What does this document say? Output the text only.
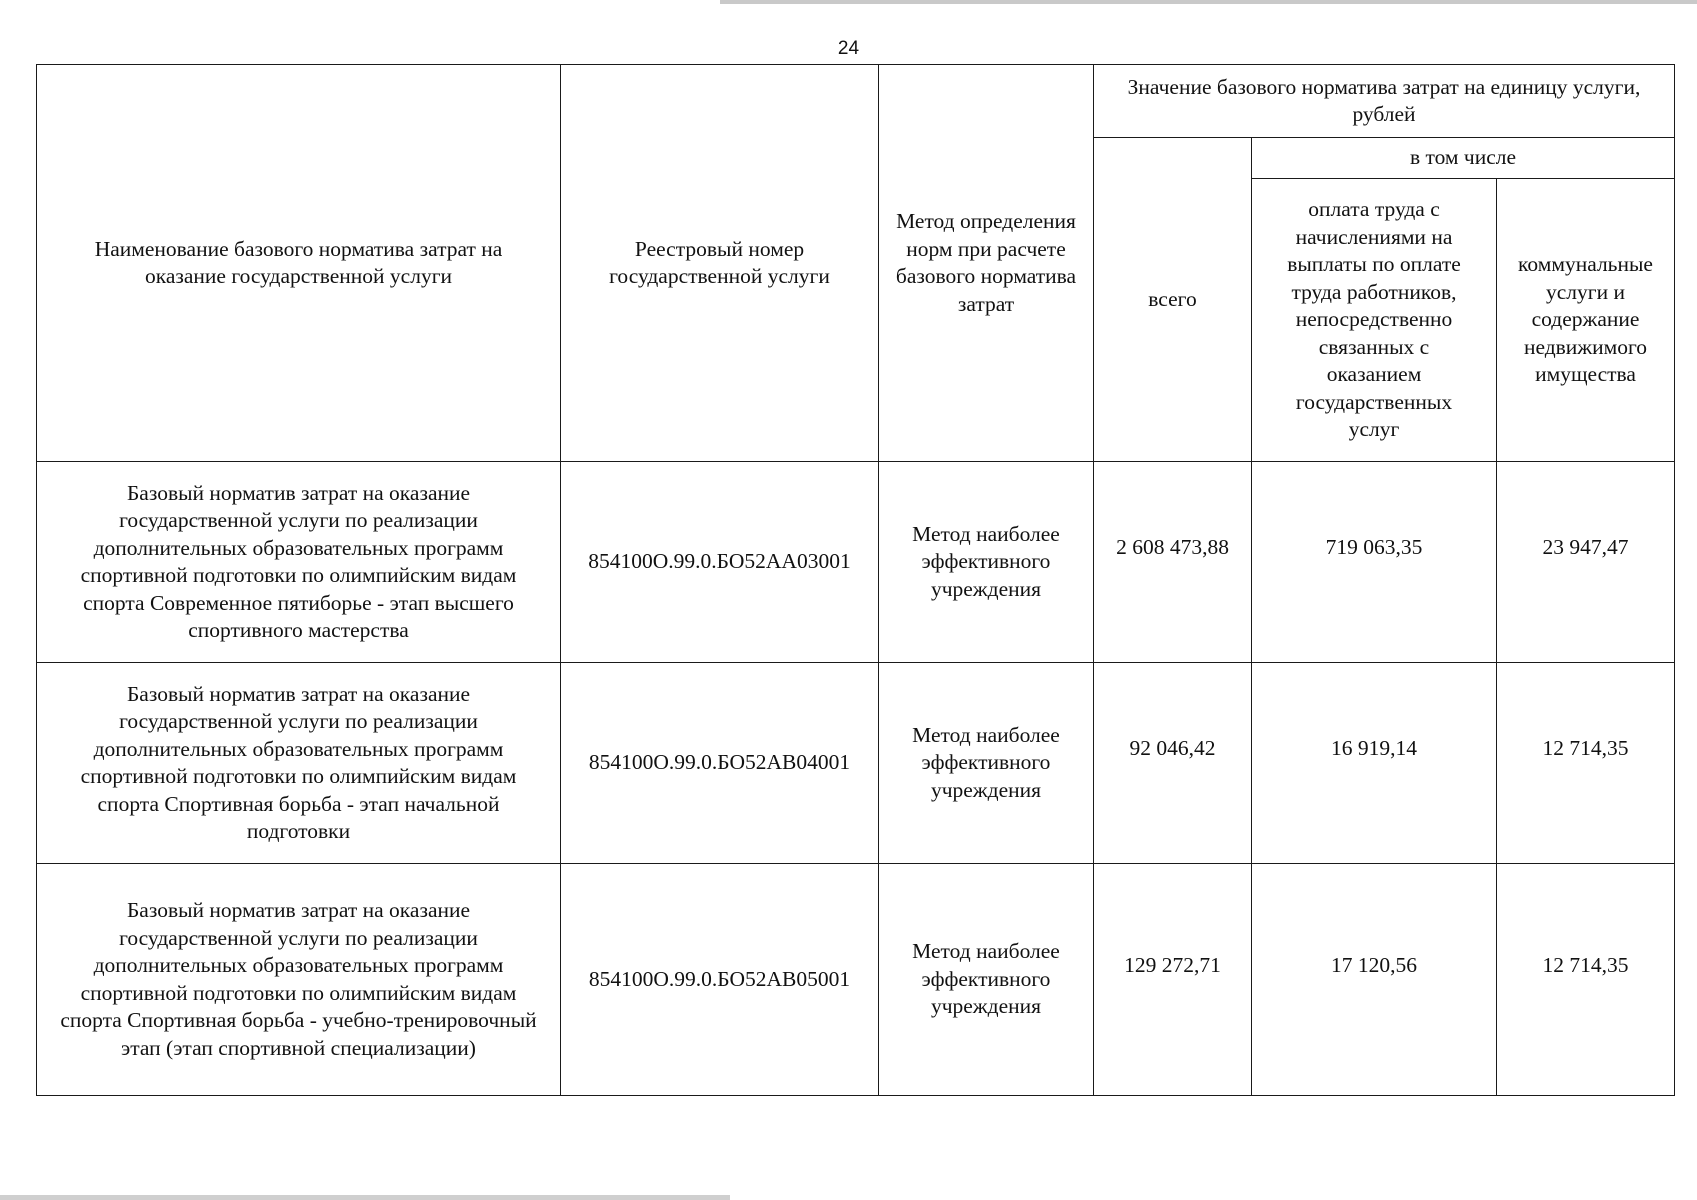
24
Наименование базового норматива затрат на оказание государственной услуги	Реестровый номер государственной услуги	Метод определения норм при расчете базового норматива затрат	Значение базового норматива затрат на единицу услуги, рублей		
			всего	в том числе	
				оплата труда с начислениями на выплаты по оплате труда работников, непосредственно связанных с оказанием государственных услуг	коммунальные услуги и содержание недвижимого имущества
Базовый норматив затрат на оказание государственной услуги по реализации дополнительных образовательных программ спортивной подготовки по олимпийским видам спорта Современное пятиборье - этап высшего спортивного мастерства	854100О.99.0.БО52АА03001	Метод наиболее эффективного учреждения	2 608 473,88	719 063,35	23 947,47
Базовый норматив затрат на оказание государственной услуги по реализации дополнительных образовательных программ спортивной подготовки по олимпийским видам спорта Спортивная борьба - этап начальной подготовки	854100О.99.0.БО52АВ04001	Метод наиболее эффективного учреждения	92 046,42	16 919,14	12 714,35
Базовый норматив затрат на оказание государственной услуги по реализации дополнительных образовательных программ спортивной подготовки по олимпийским видам спорта Спортивная борьба - учебно-тренировочный этап (этап спортивной специализации)	854100О.99.0.БО52АВ05001	Метод наиболее эффективного учреждения	129 272,71	17 120,56	12 714,35
